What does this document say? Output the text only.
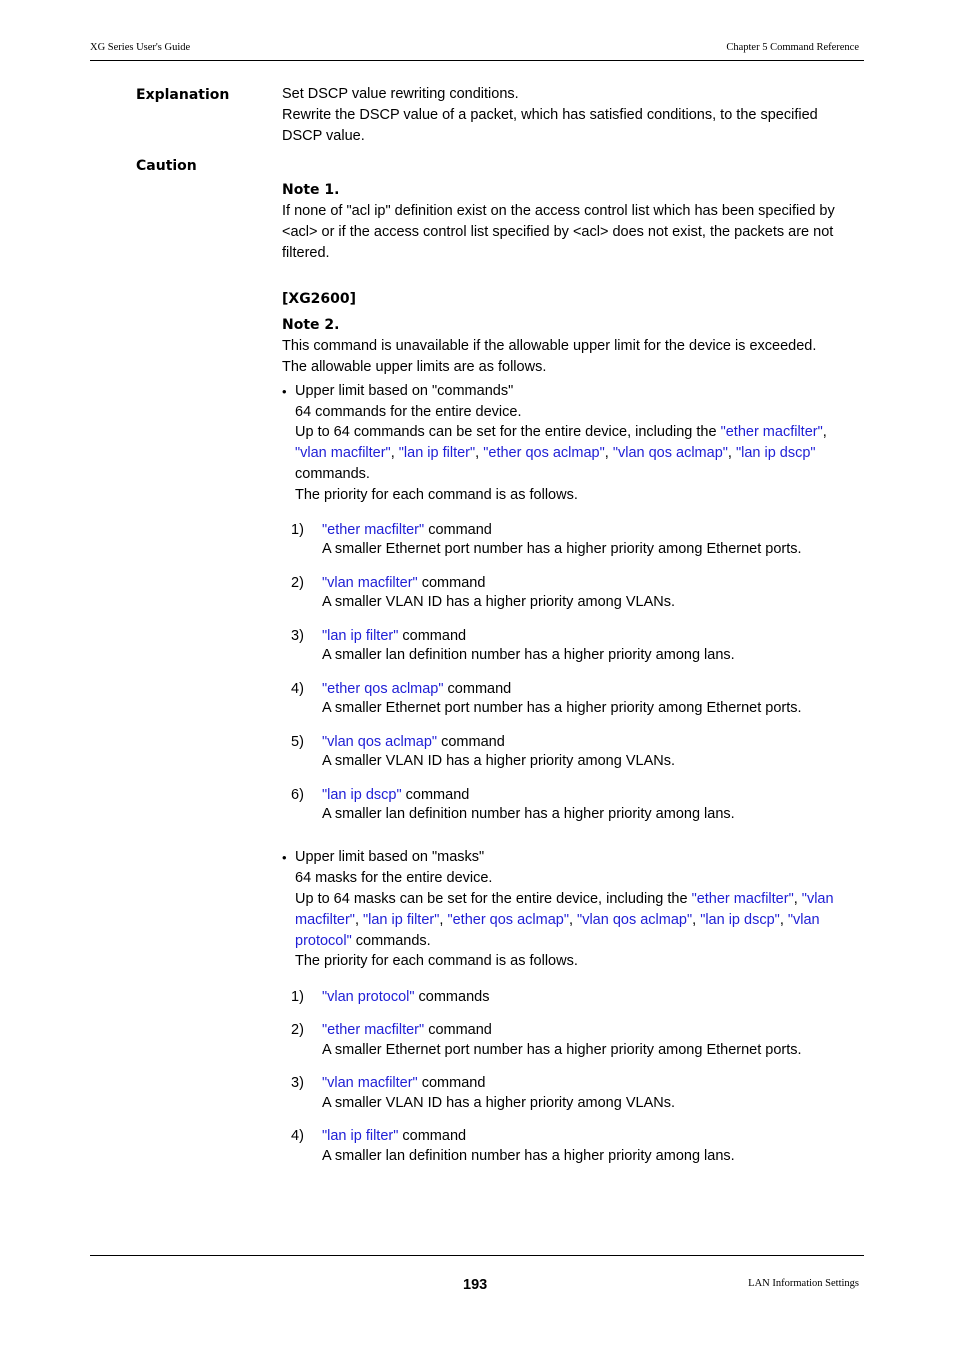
XG Series User's Guide	Chapter 5 Command Reference
Explanation	Set DSCP value rewriting conditions.
Rewrite the DSCP value of a packet, which has satisfied conditions, to the specified
DSCP value.
Caution
Note 1.
If none of "acl ip" definition exist on the access control list which has been specified by
<acl> or if the access control list specified by <acl> does not exist, the packets are not
filtered.
[XG2600]
Note 2.
This command is unavailable if the allowable upper limit for the device is exceeded.
The allowable upper limits are as follows.
• Upper limit based on "commands"
64 commands for the entire device.
Up to 64 commands can be set for the entire device, including the "ether macfilter",
"vlan macfilter", "lan ip filter", "ether qos aclmap", "vlan qos aclmap", "lan ip dscp"
commands.
The priority for each command is as follows.
1) "ether macfilter" command
A smaller Ethernet port number has a higher priority among Ethernet ports.
2) "vlan macfilter" command
A smaller VLAN ID has a higher priority among VLANs.
3) "lan ip filter" command
A smaller lan definition number has a higher priority among lans.
4) "ether qos aclmap" command
A smaller Ethernet port number has a higher priority among Ethernet ports.
5) "vlan qos aclmap" command
A smaller VLAN ID has a higher priority among VLANs.
6) "lan ip dscp" command
A smaller lan definition number has a higher priority among lans.
• Upper limit based on "masks"
64 masks for the entire device.
Up to 64 masks can be set for the entire device, including the "ether macfilter", "vlan
macfilter", "lan ip filter", "ether qos aclmap", "vlan qos aclmap", "lan ip dscp", "vlan
protocol" commands.
The priority for each command is as follows.
1) "vlan protocol" commands
2) "ether macfilter" command
A smaller Ethernet port number has a higher priority among Ethernet ports.
3) "vlan macfilter" command
A smaller VLAN ID has a higher priority among VLANs.
4) "lan ip filter" command
A smaller lan definition number has a higher priority among lans.
193	LAN Information Settings
